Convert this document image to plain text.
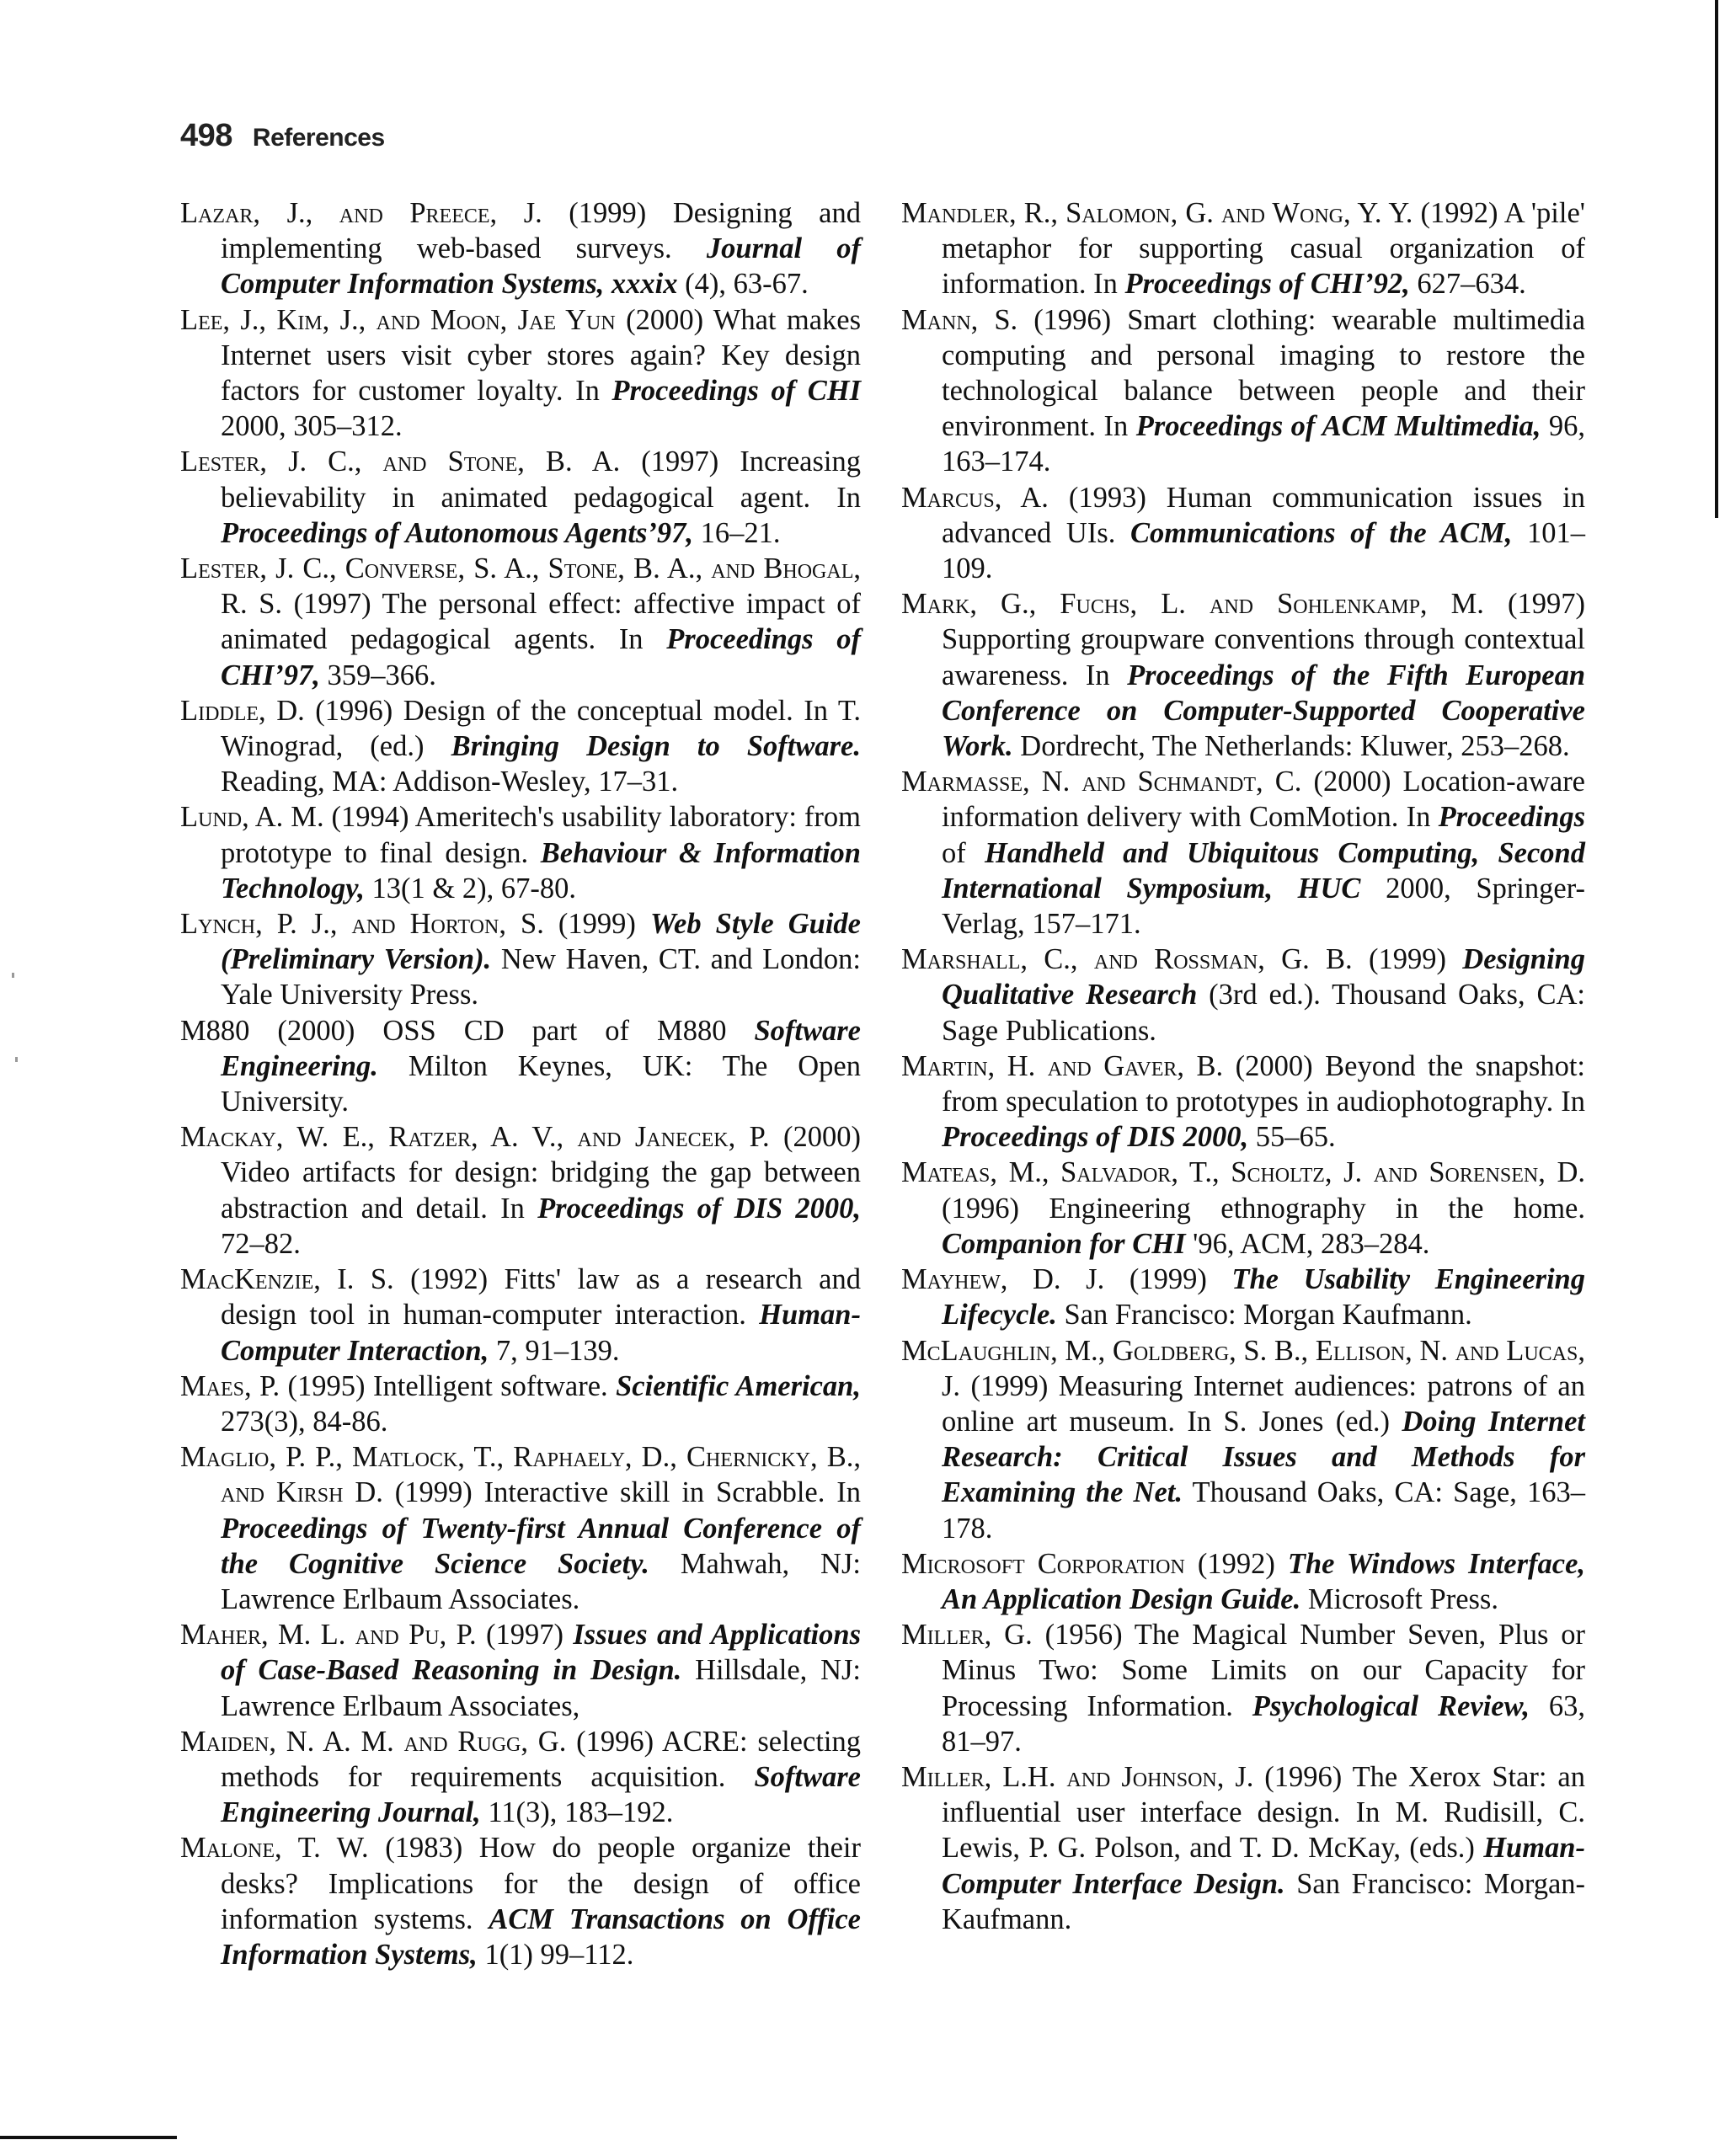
498 References

Lazar, J., and Preece, J. (1999) Designing and implementing web-based surveys. Journal of Computer Information Systems, xxxix (4), 63-67.

Lee, J., Kim, J., and Moon, Jae Yun (2000) What makes Internet users visit cyber stores again? Key design factors for customer loyalty. In Proceedings of CHI 2000, 305–312.

Lester, J. C., and Stone, B. A. (1997) Increasing believability in animated pedagogical agent. In Proceedings of Autonomous Agents’97, 16–21.

Lester, J. C., Converse, S. A., Stone, B. A., and Bhogal, R. S. (1997) The personal effect: affective impact of animated pedagogical agents. In Proceedings of CHI’97, 359–366.

Liddle, D. (1996) Design of the conceptual model. In T. Winograd, (ed.) Bringing Design to Software. Reading, MA: Addison-Wesley, 17–31.

Lund, A. M. (1994) Ameritech's usability laboratory: from prototype to final design. Behaviour & Information Technology, 13(1 & 2), 67-80.

Lynch, P. J., and Horton, S. (1999) Web Style Guide (Preliminary Version). New Haven, CT. and London: Yale University Press.

M880 (2000) OSS CD part of M880 Software Engineering. Milton Keynes, UK: The Open University.

Mackay, W. E., Ratzer, A. V., and Janecek, P. (2000) Video artifacts for design: bridging the gap between abstraction and detail. In Proceedings of DIS 2000, 72–82.

MacKenzie, I. S. (1992) Fitts' law as a research and design tool in human-computer interaction. Human-Computer Interaction, 7, 91–139.

Maes, P. (1995) Intelligent software. Scientific American, 273(3), 84-86.

Maglio, P. P., Matlock, T., Raphaely, D., Chernicky, B., and Kirsh D. (1999) Interactive skill in Scrabble. In Proceedings of Twenty-first Annual Conference of the Cognitive Science Society. Mahwah, NJ: Lawrence Erlbaum Associates.

Maher, M. L. and Pu, P. (1997) Issues and Applications of Case-Based Reasoning in Design. Hillsdale, NJ: Lawrence Erlbaum Associates,

Maiden, N. A. M. and Rugg, G. (1996) ACRE: selecting methods for requirements acquisition. Software Engineering Journal, 11(3), 183–192.

Malone, T. W. (1983) How do people organize their desks? Implications for the design of office information systems. ACM Transactions on Office Information Systems, 1(1) 99–112.

Mandler, R., Salomon, G. and Wong, Y. Y. (1992) A 'pile' metaphor for supporting casual organization of information. In Proceedings of CHI’92, 627–634.

Mann, S. (1996) Smart clothing: wearable multimedia computing and personal imaging to restore the technological balance between people and their environment. In Proceedings of ACM Multimedia, 96, 163–174.

Marcus, A. (1993) Human communication issues in advanced UIs. Communications of the ACM, 101–109.

Mark, G., Fuchs, L. and Sohlenkamp, M. (1997) Supporting groupware conventions through contextual awareness. In Proceedings of the Fifth European Conference on Computer-Supported Cooperative Work. Dordrecht, The Netherlands: Kluwer, 253–268.

Marmasse, N. and Schmandt, C. (2000) Location-aware information delivery with ComMotion. In Proceedings of Handheld and Ubiquitous Computing, Second International Symposium, HUC 2000, Springer-Verlag, 157–171.

Marshall, C., and Rossman, G. B. (1999) Designing Qualitative Research (3rd ed.). Thousand Oaks, CA: Sage Publications.

Martin, H. and Gaver, B. (2000) Beyond the snapshot: from speculation to prototypes in audiophotography. In Proceedings of DIS 2000, 55–65.

Mateas, M., Salvador, T., Scholtz, J. and Sorensen, D. (1996) Engineering ethnography in the home. Companion for CHI '96, ACM, 283–284.

Mayhew, D. J. (1999) The Usability Engineering Lifecycle. San Francisco: Morgan Kaufmann.

McLaughlin, M., Goldberg, S. B., Ellison, N. and Lucas, J. (1999) Measuring Internet audiences: patrons of an online art museum. In S. Jones (ed.) Doing Internet Research: Critical Issues and Methods for Examining the Net. Thousand Oaks, CA: Sage, 163–178.

Microsoft Corporation (1992) The Windows Interface, An Application Design Guide. Microsoft Press.

Miller, G. (1956) The Magical Number Seven, Plus or Minus Two: Some Limits on our Capacity for Processing Information. Psychological Review, 63, 81–97.

Miller, L.H. and Johnson, J. (1996) The Xerox Star: an influential user interface design. In M. Rudisill, C. Lewis, P. G. Polson, and T. D. McKay, (eds.) Human-Computer Interface Design. San Francisco: Morgan-Kaufmann.
